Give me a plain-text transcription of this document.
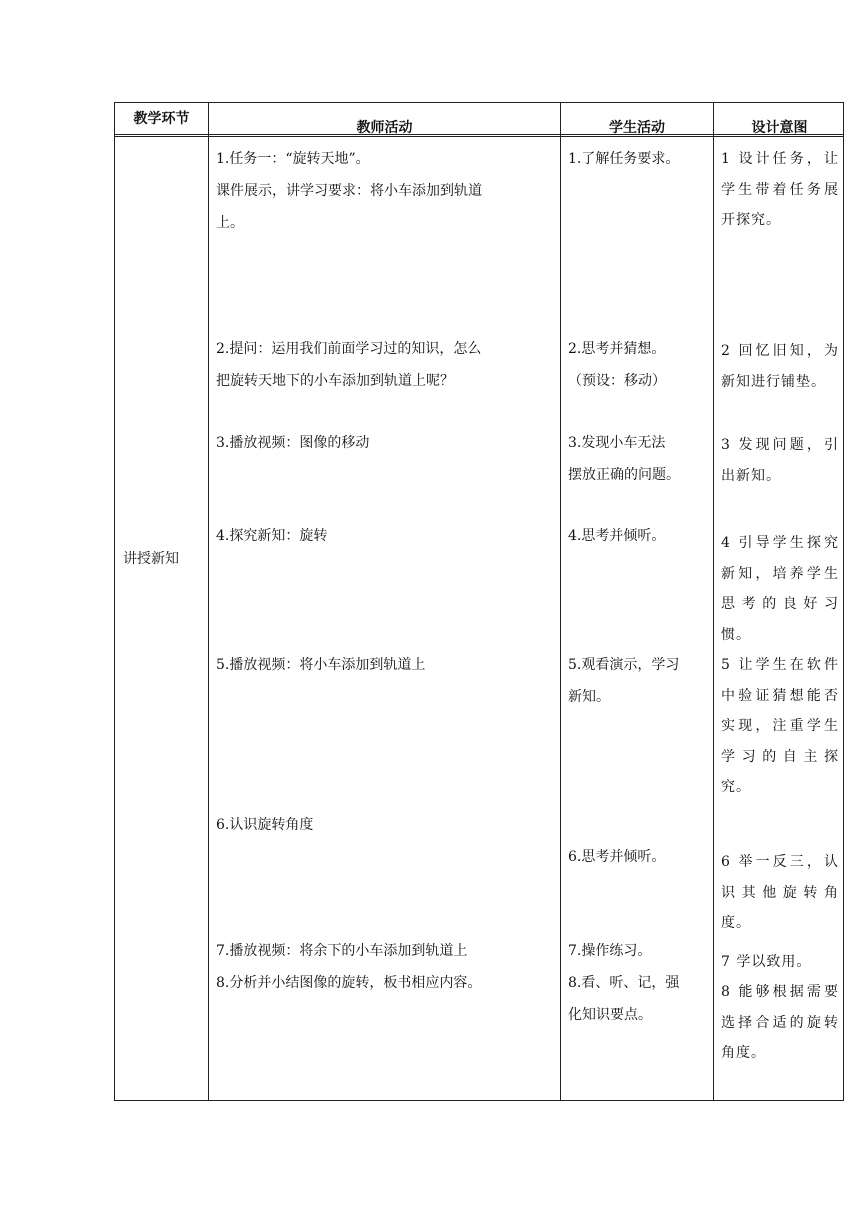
教学环节
教师活动	学生活动	设计意图
讲授新知
1.任务一：“旋转天地”。
课件展示，讲学习要求：将小车添加到轨道
上。
2.提问：运用我们前面学习过的知识，怎么
把旋转天地下的小车添加到轨道上呢？
3.播放视频：图像的移动
4.探究新知：旋转
5.播放视频：将小车添加到轨道上
6.认识旋转角度
7.播放视频：将余下的小车添加到轨道上
8.分析并小结图像的旋转，板书相应内容。
1.了解任务要求。
2.思考并猜想。
（预设：移动）
3.发现小车无法
摆放正确的问题。
4.思考并倾听。
5.观看演示，学习
新知。
6.思考并倾听。
7.操作练习。
8.看、听、记，强
化知识要点。
1 设计任务，让学生带着任务展开探究。
2 回忆旧知，为新知进行铺垫。
3 发现问题，引出新知。
4 引导学生探究新知，培养学生思考的良好习惯。
5 让学生在软件中验证猜想能否实现，注重学生学习的自主探究。
6 举一反三，认识其他旋转角度。
7 学以致用。
8 能够根据需要选择合适的旋转角度。
